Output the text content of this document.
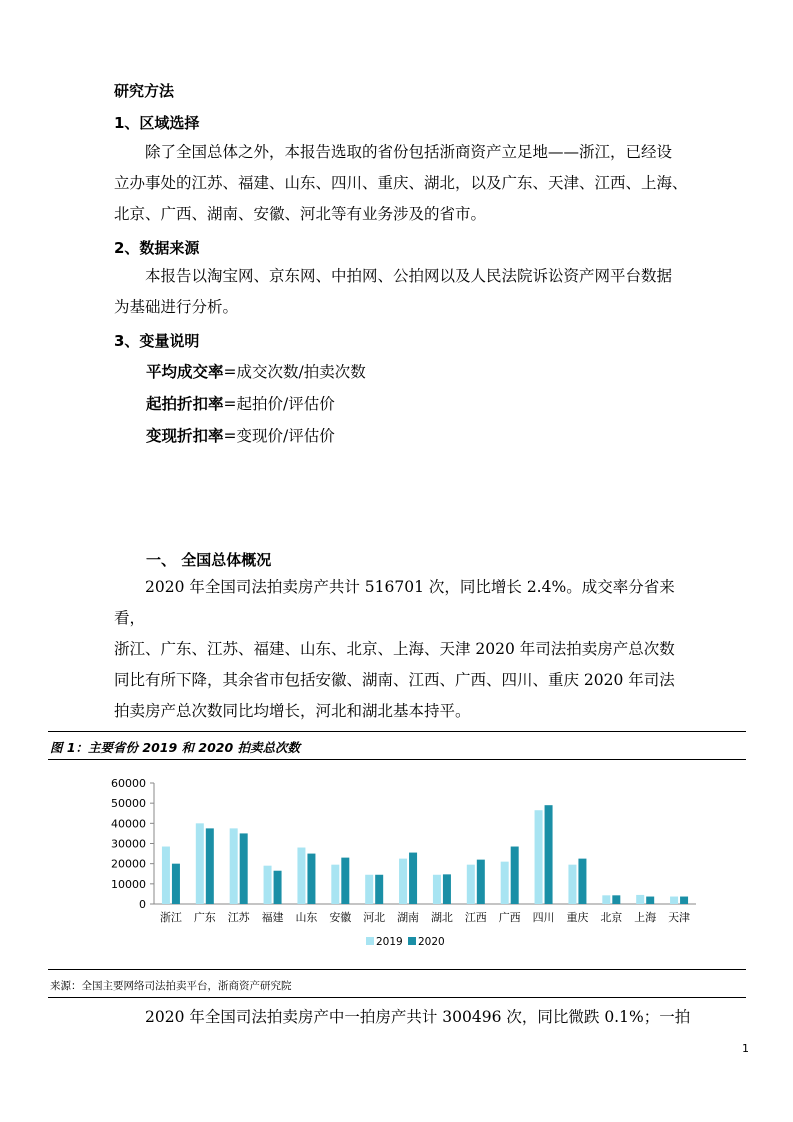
研究方法
1、区域选择
除了全国总体之外，本报告选取的省份包括浙商资产立足地——浙江，已经设
立办事处的江苏、福建、山东、四川、重庆、湖北，以及广东、天津、江西、上海、
北京、广西、湖南、安徽、河北等有业务涉及的省市。
2、数据来源
本报告以淘宝网、京东网、中拍网、公拍网以及人民法院诉讼资产网平台数据
为基础进行分析。
3、变量说明
平均成交率=成交次数/拍卖次数
起拍折扣率=起拍价/评估价
变现折扣率=变现价/评估价
一、 全国总体概况
2020 年全国司法拍卖房产共计 516701 次，同比增长 2.4%。成交率分省来看，
浙江、广东、江苏、福建、山东、北京、上海、天津 2020 年司法拍卖房产总次数
同比有所下降，其余省市包括安徽、湖南、江西、广西、四川、重庆 2020 年司法
拍卖房产总次数同比均增长，河北和湖北基本持平。
图 1：主要省份 2019 和 2020 拍卖总次数
0
10000
20000
30000
40000
50000
60000
浙江 广东 江苏 福建 山东 安徽 河北 湖南 湖北 江西 广西 四川 重庆 北京 上海 天津
2019 2020
来源：全国主要网络司法拍卖平台，浙商资产研究院
2020 年全国司法拍卖房产中一拍房产共计 300496 次，同比微跌 0.1%；一拍
1
